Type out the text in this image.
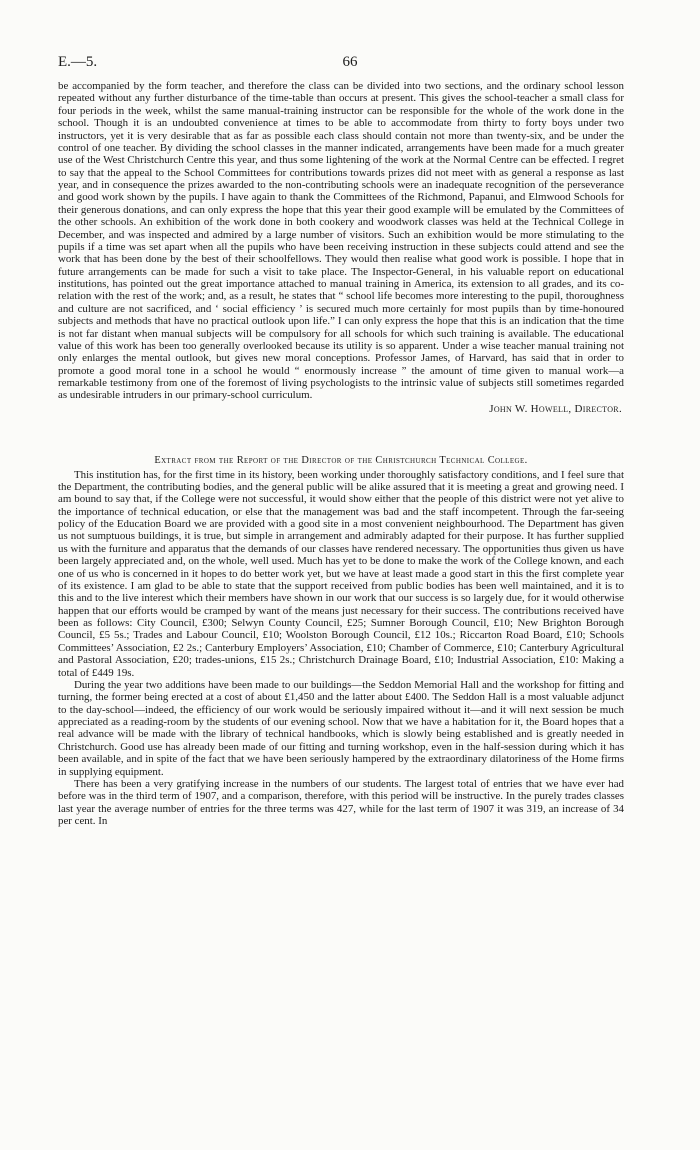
E.—5.	66

be accompanied by the form teacher, and therefore the class can be divided into two sections, and the ordinary school lesson repeated without any further disturbance of the time-table than occurs at present. This gives the school-teacher a small class for four periods in the week, whilst the same manual-training instructor can be responsible for the whole of the work done in the school. Though it is an undoubted convenience at times to be able to accommodate from thirty to forty boys under two instructors, yet it is very desirable that as far as possible each class should contain not more than twenty-six, and be under the control of one teacher. By dividing the school classes in the manner indicated, arrangements have been made for a much greater use of the West Christchurch Centre this year, and thus some lightening of the work at the Normal Centre can be effected. I regret to say that the appeal to the School Committees for contributions towards prizes did not meet with as general a response as last year, and in consequence the prizes awarded to the non-contributing schools were an inadequate recognition of the perseverance and good work shown by the pupils. I have again to thank the Committees of the Richmond, Papanui, and Elmwood Schools for their generous donations, and can only express the hope that this year their good example will be emulated by the Committees of the other schools. An exhibition of the work done in both cookery and woodwork classes was held at the Technical College in December, and was inspected and admired by a large number of visitors. Such an exhibition would be more stimulating to the pupils if a time was set apart when all the pupils who have been receiving instruction in these subjects could attend and see the work that has been done by the best of their schoolfellows. They would then realise what good work is possible. I hope that in future arrangements can be made for such a visit to take place. The Inspector-General, in his valuable report on educational institutions, has pointed out the great importance attached to manual training in America, its extension to all grades, and its co-relation with the rest of the work; and, as a result, he states that “ school life becomes more interesting to the pupil, thoroughness and culture are not sacrificed, and ‘ social efficiency ’ is secured much more certainly for most pupils than by time-honoured subjects and methods that have no practical outlook upon life.” I can only express the hope that this is an indication that the time is not far distant when manual subjects will be compulsory for all schools for which such training is available. The educational value of this work has been too generally overlooked because its utility is so apparent. Under a wise teacher manual training not only enlarges the mental outlook, but gives new moral conceptions. Professor James, of Harvard, has said that in order to promote a good moral tone in a school he would “ enormously increase ” the amount of time given to manual work—a remarkable testimony from one of the foremost of living psychologists to the intrinsic value of subjects still sometimes regarded as undesirable intruders in our primary-school curriculum.

John W. Howell, Director.
Extract from the Report of the Director of the Christchurch Technical College.

This institution has, for the first time in its history, been working under thoroughly satisfactory conditions, and I feel sure that the Department, the contributing bodies, and the general public will be alike assured that it is meeting a great and growing need. I am bound to say that, if the College were not successful, it would show either that the people of this district were not yet alive to the importance of technical education, or else that the management was bad and the staff incompetent. Through the far-seeing policy of the Education Board we are provided with a good site in a most convenient neighbourhood. The Department has given us not sumptuous buildings, it is true, but simple in arrangement and admirably adapted for their purpose. It has further supplied us with the furniture and apparatus that the demands of our classes have rendered necessary. The opportunities thus given us have been largely appreciated and, on the whole, well used. Much has yet to be done to make the work of the College known, and each one of us who is concerned in it hopes to do better work yet, but we have at least made a good start in this the first complete year of its existence. I am glad to be able to state that the support received from public bodies has been well maintained, and it is to this and to the live interest which their members have shown in our work that our success is so largely due, for it would otherwise happen that our efforts would be cramped by want of the means just necessary for their success. The contributions received have been as follows: City Council, £300; Selwyn County Council, £25; Sumner Borough Council, £10; New Brighton Borough Council, £5 5s.; Trades and Labour Council, £10; Woolston Borough Council, £12 10s.; Riccarton Road Board, £10; Schools Committees’ Association, £2 2s.; Canterbury Employers’ Association, £10; Chamber of Commerce, £10; Canterbury Agricultural and Pastoral Association, £20; trades-unions, £15 2s.; Christchurch Drainage Board, £10; Industrial Association, £10: Making a total of £449 19s.

During the year two additions have been made to our buildings—the Seddon Memorial Hall and the workshop for fitting and turning, the former being erected at a cost of about £1,450 and the latter about £400. The Seddon Hall is a most valuable adjunct to the day-school—indeed, the efficiency of our work would be seriously impaired without it—and it will next session be much appreciated as a reading-room by the students of our evening school. Now that we have a habitation for it, the Board hopes that a real advance will be made with the library of technical handbooks, which is slowly being established and is greatly needed in Christchurch. Good use has already been made of our fitting and turning workshop, even in the half-session during which it has been available, and in spite of the fact that we have been seriously hampered by the extraordinary dilatoriness of the Home firms in supplying equipment.

There has been a very gratifying increase in the numbers of our students. The largest total of entries that we have ever had before was in the third term of 1907, and a comparison, therefore, with this period will be instructive. In the purely trades classes last year the average number of entries for the three terms was 427, while for the last term of 1907 it was 319, an increase of 34 per cent. In
